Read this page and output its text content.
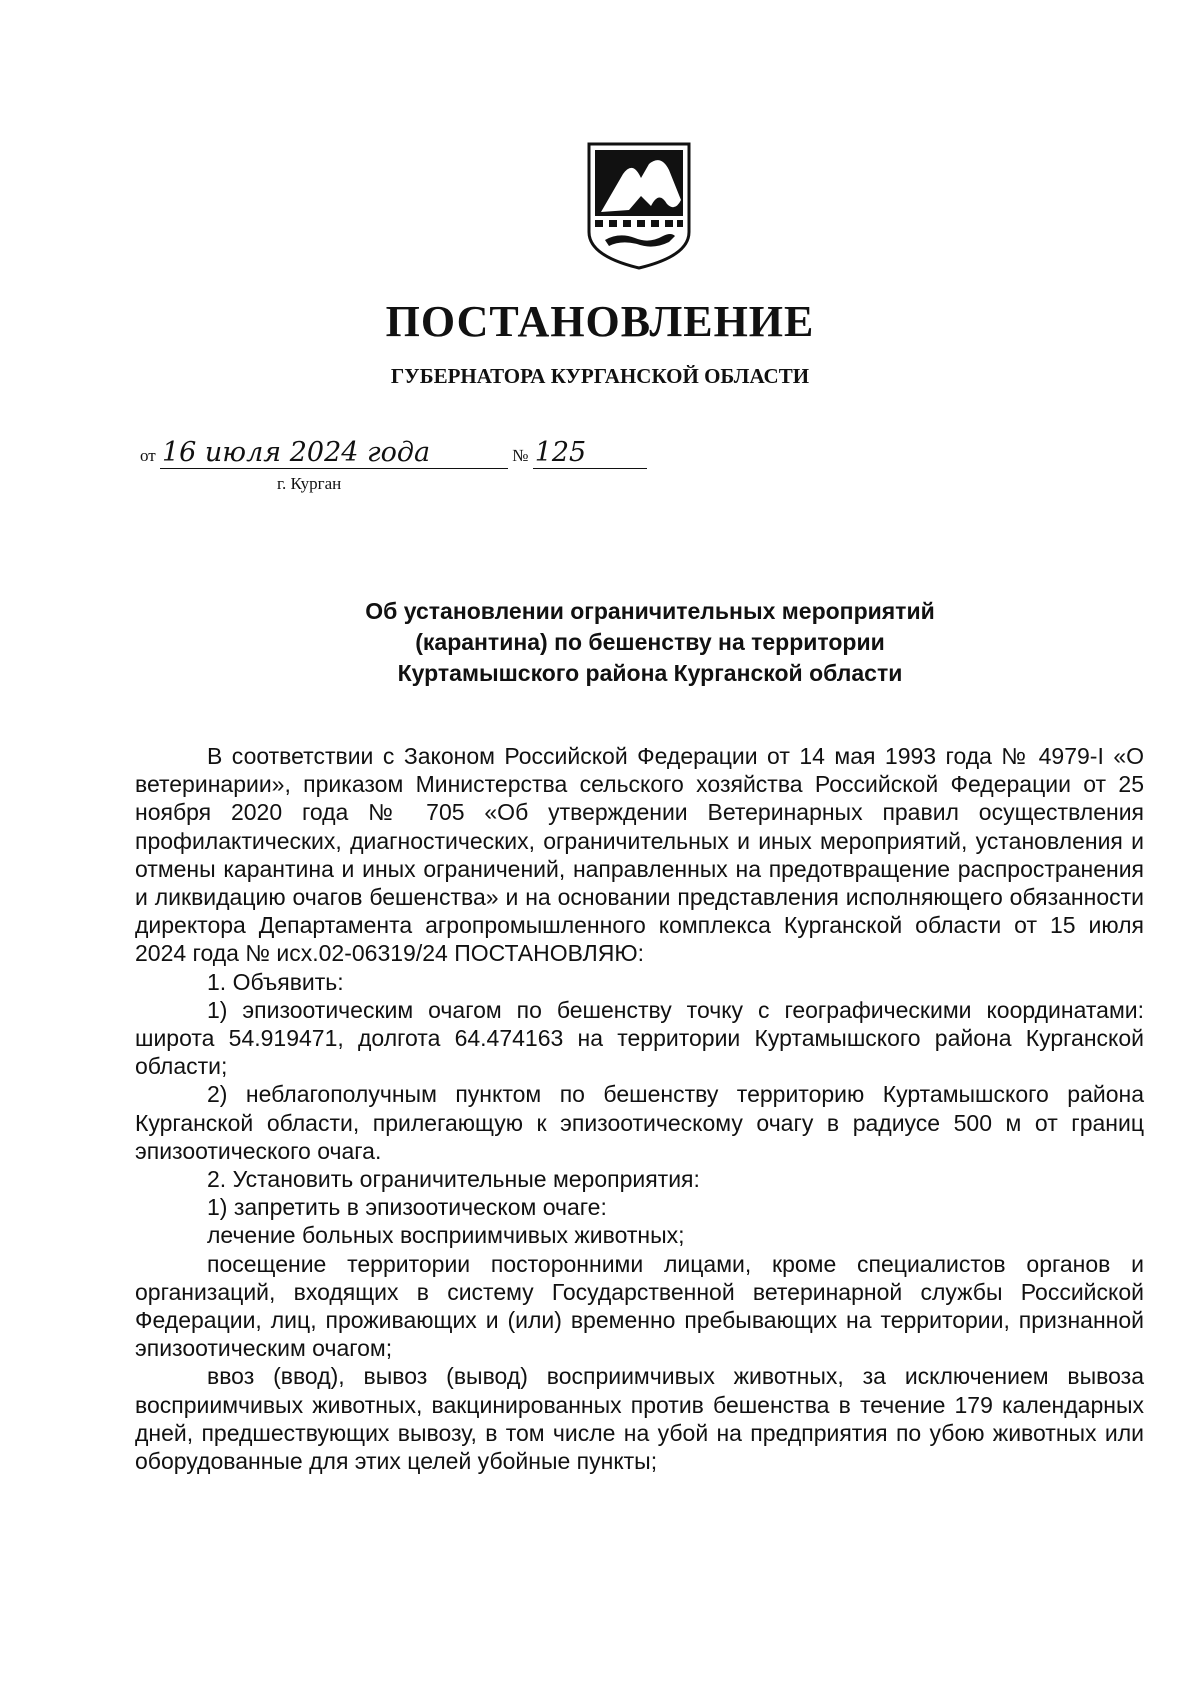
ПОСТАНОВЛЕНИЕ
ГУБЕРНАТОРА КУРГАНСКОЙ ОБЛАСТИ
от 16 июля 2024 года	№ 125
г. Курган
Об установлении ограничительных мероприятий
(карантина) по бешенству на территории
Куртамышского района Курганской области

В соответствии с Законом Российской Федерации от 14 мая 1993 года № 4979-I «О ветеринарии», приказом Министерства сельского хозяйства Российской Федерации от 25 ноября 2020 года № 705 «Об утверждении Ветеринарных правил осуществления профилактических, диагностических, ограничительных и иных мероприятий, установления и отмены карантина и иных ограничений, направленных на предотвращение распространения и ликвидацию очагов бешенства» и на основании представления исполняющего обязанности директора Департамента агропромышленного комплекса Курганской области от 15 июля 2024 года № исх.02-06319/24 ПОСТАНОВЛЯЮ:

1. Объявить:

1) эпизоотическим очагом по бешенству точку с географическими координатами: широта 54.919471, долгота 64.474163 на территории Куртамышского района Курганской области;

2) неблагополучным пунктом по бешенству территорию Куртамышского района Курганской области, прилегающую к эпизоотическому очагу в радиусе 500 м от границ эпизоотического очага.

2. Установить ограничительные мероприятия:

1) запретить в эпизоотическом очаге:

лечение больных восприимчивых животных;

посещение территории посторонними лицами, кроме специалистов органов и организаций, входящих в систему Государственной ветеринарной службы Российской Федерации, лиц, проживающих и (или) временно пребывающих на территории, признанной эпизоотическим очагом;

ввоз (ввод), вывоз (вывод) восприимчивых животных, за исключением вывоза восприимчивых животных, вакцинированных против бешенства в течение 179 календарных дней, предшествующих вывозу, в том числе на убой на предприятия по убою животных или оборудованные для этих целей убойные пункты;
